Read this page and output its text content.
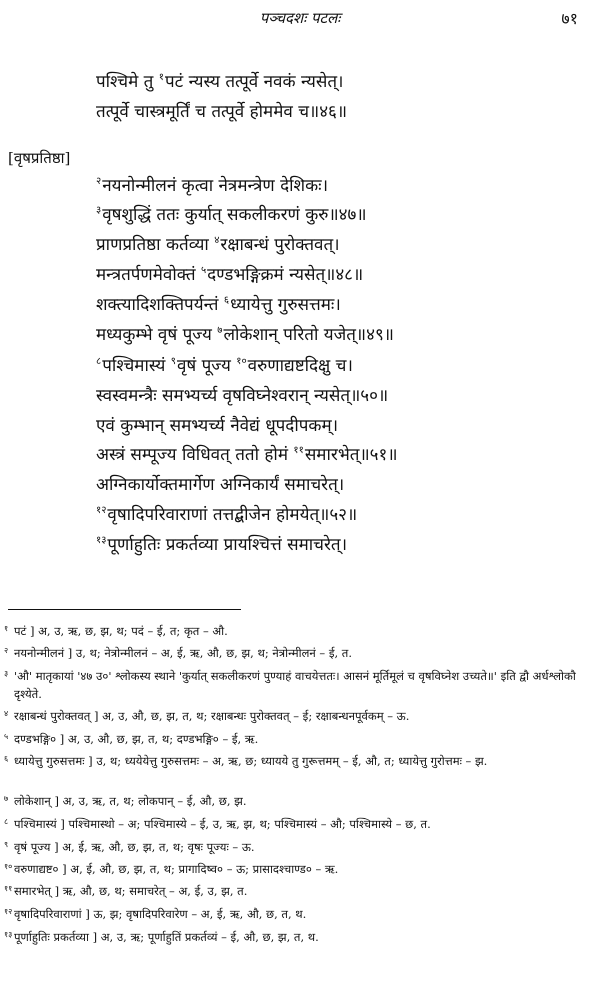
पञ्चदशः पटलः	७१
[वृषप्रतिष्ठा]
पश्चिमे तु $^१$पटं न्यस्य तत्पूर्वे नवकं न्यसेत्।
तत्पूर्वे चास्त्रमूर्तिं च तत्पूर्वे होममेव च॥४६॥
$^२$नयनोन्मीलनं कृत्वा नेत्रमन्त्रेण देशिकः।
$^३$वृषशुद्धिं ततः कुर्यात् सकलीकरणं कुरु॥४७॥
प्राणप्रतिष्ठा कर्तव्या $^४$रक्षाबन्धं पुरोक्तवत्।
मन्त्रतर्पणमेवोक्तं $^५$दण्डभङ्गिक्रमं न्यसेत्॥४८॥
शक्त्यादिशक्तिपर्यन्तं $^६$ध्यायेत्तु गुरुसत्तमः।
मध्यकुम्भे वृषं पूज्य $^७$लोकेशान् परितो यजेत्॥४९॥
$^८$पश्चिमास्यं $^९$वृषं पूज्य $^{१०}$वरुणाद्यष्टदिक्षु च।
स्वस्वमन्त्रैः समभ्यर्च्य वृषविघ्नेश्वरान् न्यसेत्॥५०॥
एवं कुम्भान् समभ्यर्च्य नैवेद्यं धूपदीपकम्।
अस्त्रं सम्पूज्य विधिवत् ततो होमं $^{११}$समारभेत्॥५१॥
अग्निकार्योक्तमार्गेण अग्निकार्यं समाचरेत्।
$^{१२}$वृषादिपरिवाराणां तत्तद्बीजेन होमयेत्॥५२॥
$^{१३}$पूर्णाहुतिः प्रकर्तव्या प्रायश्चित्तं समाचरेत्।
१ पटं ] अ, उ, ऋ, छ, झ, थ; पदं – ई, त; कृत – औ.
२ नयनोन्मीलनं ] उ, थ; नेत्रोन्मीलनं – अ, ई, ऋ, औ, छ, झ, थ; नेत्रोन्मीलनं – ई, त.
३ 'औ' मातृकायां '४७ उ०' श्लोकस्य स्थाने 'कुर्यात् सकलीकरणं पुण्याहं वाचयेत्ततः। आसनं मूर्तिमूलं च वृषविघ्नेश उच्यते॥' इति द्वौ अर्धश्लोकौ दृश्येते.
४ रक्षाबन्धं पुरोक्तवत् ] अ, उ, औ, छ, झ, त, थ; रक्षाबन्धः पुरोक्तवत् – ई; रक्षाबन्धनपूर्वकम् – ऊ.
५ दण्डभङ्गि० ] अ, उ, औ, छ, झ, त, थ; दण्डभङ्गि० – ई, ऋ.
६ ध्यायेत्तु गुरुसत्तमः ] उ, थ; ध्ययेयेत्तु गुरुसत्तमः – अ, ऋ, छ; ध्यायये तु गुरूत्तमम् – ई, औ, त; ध्यायेत्तु गुरोत्तमः – झ.
७ लोकेशान् ] अ, उ, ऋ, त, थ; लोकपान् – ई, औ, छ, झ.
८ पश्चिमास्यं ] पश्चिमास्थो – अ; पश्चिमास्ये – ई, उ, ऋ, झ, थ; पश्चिमास्यं – औ; पश्चिमास्ये – छ, त.
९ वृषं पूज्य ] अ, ई, ऋ, औ, छ, झ, त, थ; वृषः पूज्यः – ऊ.
१० वरुणाद्यष्ट० ] अ, ई, औ, छ, झ, त, थ; प्रागादिष्व० – ऊ; प्रासादश्चाण्ड० – ऋ.
११ समारभेत् ] ऋ, औ, छ, थ; समाचरेत् – अ, ई, उ, झ, त.
१२ वृषादिपरिवाराणां ] ऊ, झ; वृषादिपरिवारेण – अ, ई, ऋ, औ, छ, त, थ.
१३ पूर्णाहुतिः प्रकर्तव्या ] अ, उ, ऋ; पूर्णाहुतिं प्रकर्तव्यं – ई, औ, छ, झ, त, थ.
